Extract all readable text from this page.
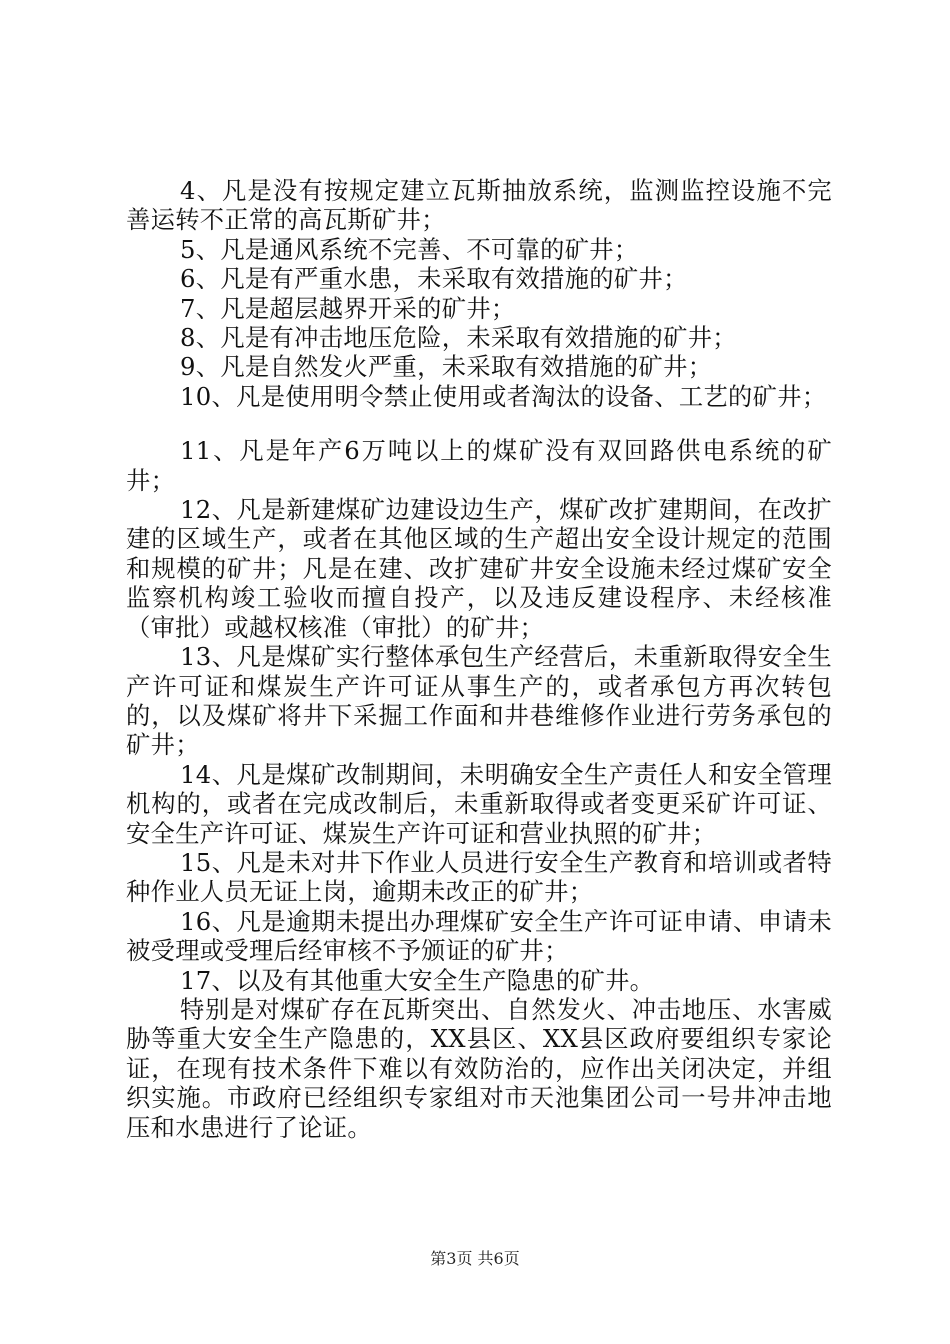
4、凡是没有按规定建立瓦斯抽放系统，监测监控设施不完善运转不正常的高瓦斯矿井；

5、凡是通风系统不完善、不可靠的矿井；

6、凡是有严重水患，未采取有效措施的矿井；

7、凡是超层越界开采的矿井；

8、凡是有冲击地压危险，未采取有效措施的矿井；

9、凡是自然发火严重，未采取有效措施的矿井；

10、凡是使用明令禁止使用或者淘汰的设备、工艺的矿井；

11、凡是年产6万吨以上的煤矿没有双回路供电系统的矿井；

12、凡是新建煤矿边建设边生产，煤矿改扩建期间，在改扩建的区域生产，或者在其他区域的生产超出安全设计规定的范围和规模的矿井；凡是在建、改扩建矿井安全设施未经过煤矿安全监察机构竣工验收而擅自投产，以及违反建设程序、未经核准（审批）或越权核准（审批）的矿井；

13、凡是煤矿实行整体承包生产经营后，未重新取得安全生产许可证和煤炭生产许可证从事生产的，或者承包方再次转包的，以及煤矿将井下采掘工作面和井巷维修作业进行劳务承包的矿井；

14、凡是煤矿改制期间，未明确安全生产责任人和安全管理机构的，或者在完成改制后，未重新取得或者变更采矿许可证、安全生产许可证、煤炭生产许可证和营业执照的矿井；

15、凡是未对井下作业人员进行安全生产教育和培训或者特种作业人员无证上岗，逾期未改正的矿井；

16、凡是逾期未提出办理煤矿安全生产许可证申请、申请未被受理或受理后经审核不予颁证的矿井；

17、以及有其他重大安全生产隐患的矿井。

特别是对煤矿存在瓦斯突出、自然发火、冲击地压、水害威胁等重大安全生产隐患的，XX县区、XX县区政府要组织专家论证，在现有技术条件下难以有效防治的，应作出关闭决定，并组织实施。市政府已经组织专家组对市天池集团公司一号井冲击地压和水患进行了论证。

第3页 共6页
